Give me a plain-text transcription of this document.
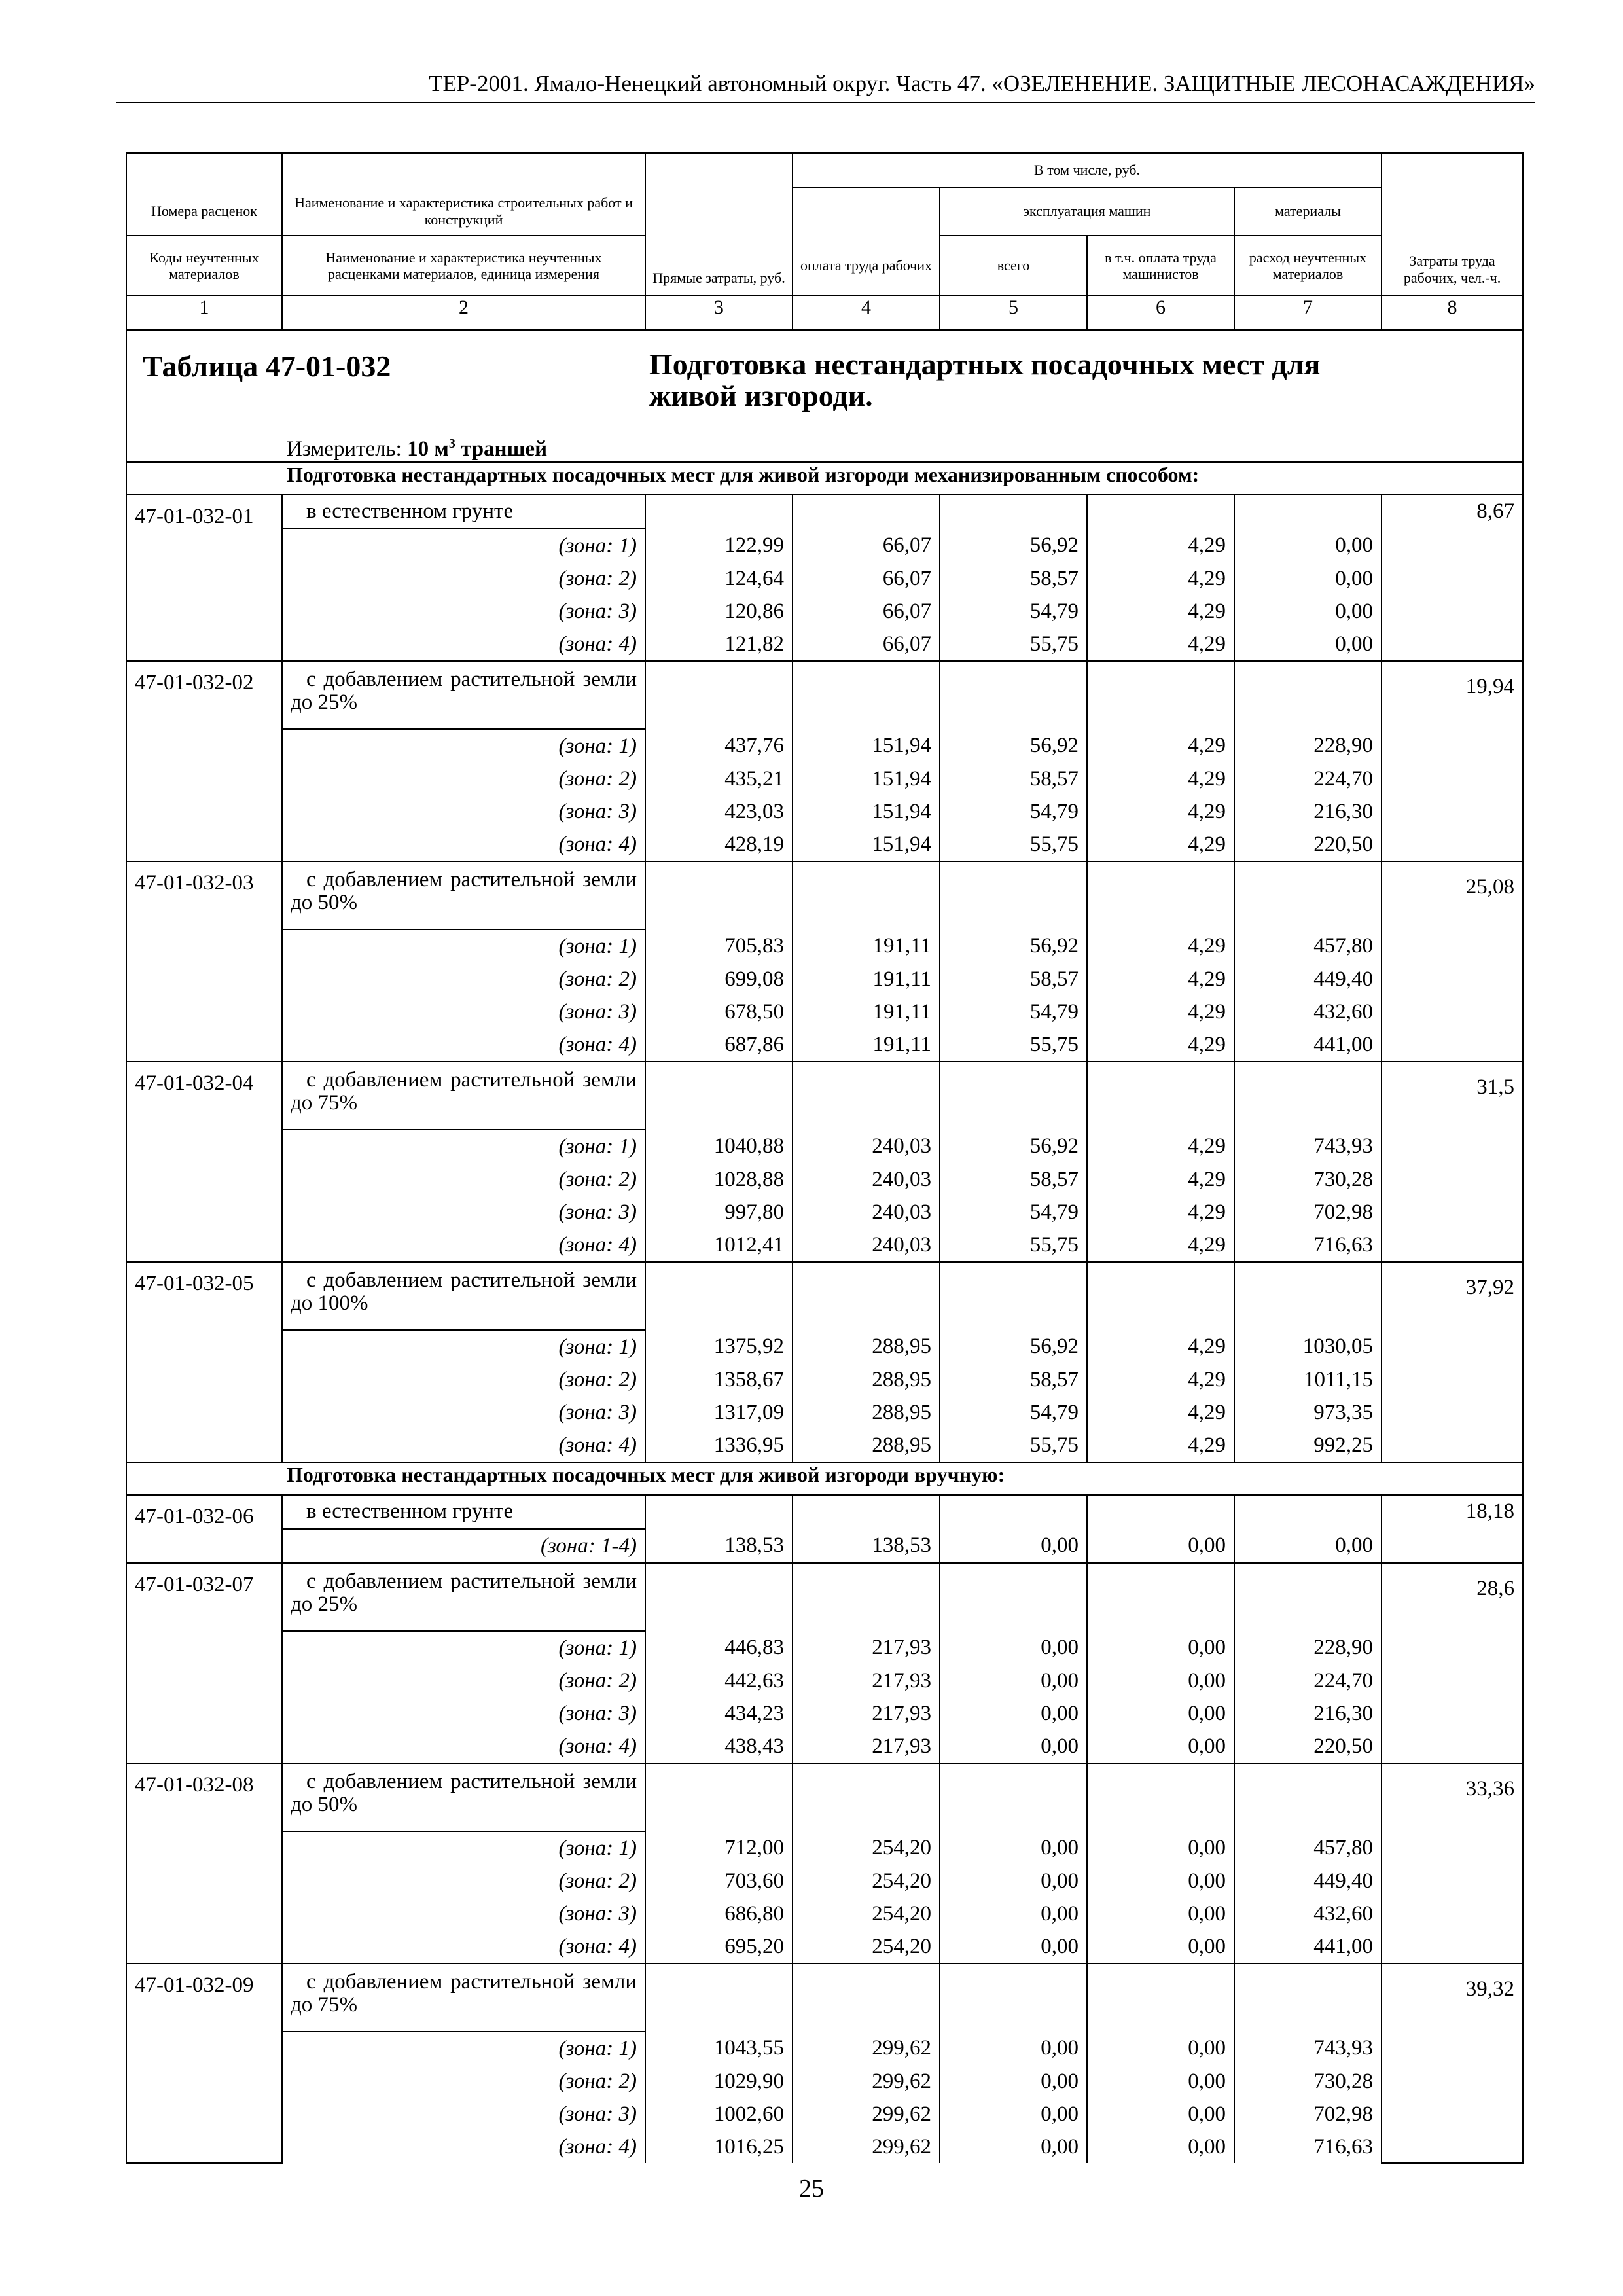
ТЕР-2001. Ямало-Ненецкий автономный округ. Часть 47. «ОЗЕЛЕНЕНИЕ. ЗАЩИТНЫЕ ЛЕСОНАСАЖДЕНИЯ»
		Прямые затраты, руб.	В том числе, руб.				Затраты труда рабочих, чел.-ч.
Номера расценок	Наименование и характеристика строительных работ и конструкций			эксплуатация машин		материалы	
Коды неучтенных материалов	Наименование и характеристика неучтенных расценками материалов, единица измерения		оплата труда рабочих	всего	в т.ч. оплата труда машинистов	расход неучтенных материалов	
1	2	3	4	5	6	7	8

Таблица 47-01-032 Подготовка нестандартных посадочных мест для живой изгороди.
Измеритель: 10 $м^3$ траншей							

Подготовка нестандартных посадочных мест для живой изгороди механизированным способом:							
47-01-032-01	в естественном грунте						8,67
	(зона: 1)	122,99	66,07	56,92	4,29	0,00	
	(зона: 2)	124,64	66,07	58,57	4,29	0,00	
	(зона: 3)	120,86	66,07	54,79	4,29	0,00	
	(зона: 4)	121,82	66,07	55,75	4,29	0,00	
47-01-032-02	с добавлением растительной земли до 25%						19,94
	(зона: 1)	437,76	151,94	56,92	4,29	228,90	
	(зона: 2)	435,21	151,94	58,57	4,29	224,70	
	(зона: 3)	423,03	151,94	54,79	4,29	216,30	
	(зона: 4)	428,19	151,94	55,75	4,29	220,50	
47-01-032-03	с добавлением растительной земли до 50%						25,08
	(зона: 1)	705,83	191,11	56,92	4,29	457,80	
	(зона: 2)	699,08	191,11	58,57	4,29	449,40	
	(зона: 3)	678,50	191,11	54,79	4,29	432,60	
	(зона: 4)	687,86	191,11	55,75	4,29	441,00	
47-01-032-04	с добавлением растительной земли до 75%						31,5
	(зона: 1)	1040,88	240,03	56,92	4,29	743,93	
	(зона: 2)	1028,88	240,03	58,57	4,29	730,28	
	(зона: 3)	997,80	240,03	54,79	4,29	702,98	
	(зона: 4)	1012,41	240,03	55,75	4,29	716,63	
47-01-032-05	с добавлением растительной земли до 100%						37,92
	(зона: 1)	1375,92	288,95	56,92	4,29	1030,05	
	(зона: 2)	1358,67	288,95	58,57	4,29	1011,15	
	(зона: 3)	1317,09	288,95	54,79	4,29	973,35	
	(зона: 4)	1336,95	288,95	55,75	4,29	992,25	
Подготовка нестандартных посадочных мест для живой изгороди вручную:							
47-01-032-06	в естественном грунте						18,18
	(зона: 1-4)	138,53	138,53	0,00	0,00	0,00	
47-01-032-07	с добавлением растительной земли до 25%						28,6
	(зона: 1)	446,83	217,93	0,00	0,00	228,90	
	(зона: 2)	442,63	217,93	0,00	0,00	224,70	
	(зона: 3)	434,23	217,93	0,00	0,00	216,30	
	(зона: 4)	438,43	217,93	0,00	0,00	220,50	
47-01-032-08	с добавлением растительной земли до 50%						33,36
	(зона: 1)	712,00	254,20	0,00	0,00	457,80	
	(зона: 2)	703,60	254,20	0,00	0,00	449,40	
	(зона: 3)	686,80	254,20	0,00	0,00	432,60	
	(зона: 4)	695,20	254,20	0,00	0,00	441,00	
47-01-032-09	с добавлением растительной земли до 75%						39,32
	(зона: 1)	1043,55	299,62	0,00	0,00	743,93	
	(зона: 2)	1029,90	299,62	0,00	0,00	730,28	
	(зона: 3)	1002,60	299,62	0,00	0,00	702,98	
	(зона: 4)	1016,25	299,62	0,00	0,00	716,63	
25
